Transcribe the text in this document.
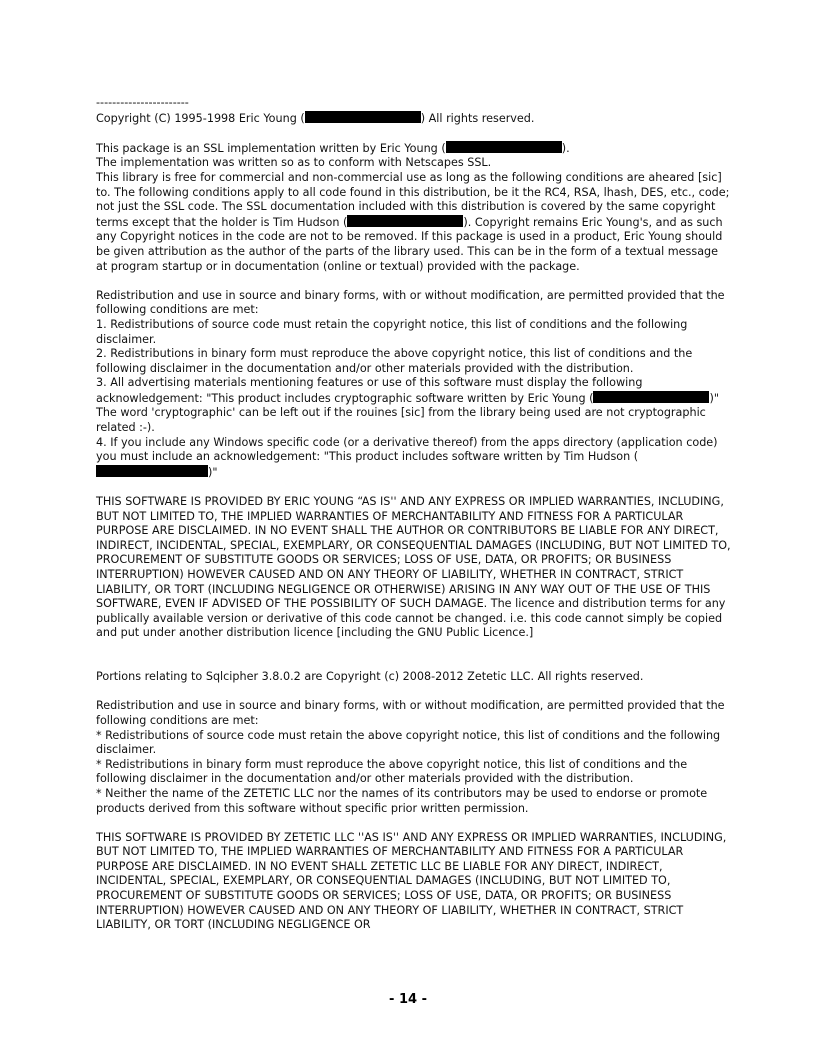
-----------------------

Copyright (C) 1995-1998 Eric Young (	) All rights reserved.

This package is an SSL implementation written by Eric Young (	).
The implementation was written so as to conform with Netscapes SSL.

This library is free for commercial and non-commercial use as long as the following conditions are aheared [sic] to. The following conditions apply to all code found in this distribution, be it the RC4, RSA, lhash, DES, etc., code; not just the SSL code. The SSL documentation included with this distribution is covered by the same copyright terms except that the holder is Tim Hudson (	). Copyright remains Eric Young's, and as such any Copyright notices in the code are not to be removed. If this package is used in a product, Eric Young should be given attribution as the author of the parts of the library used. This can be in the form of a textual message at program startup or in documentation (online or textual) provided with the package.

Redistribution and use in source and binary forms, with or without modification, are permitted provided that the following conditions are met:
1. Redistributions of source code must retain the copyright notice, this list of conditions and the following disclaimer.
2. Redistributions in binary form must reproduce the above copyright notice, this list of conditions and the following disclaimer in the documentation and/or other materials provided with the distribution.
3. All advertising materials mentioning features or use of this software must display the following acknowledgement: "This product includes cryptographic software written by Eric Young (	)" The word 'cryptographic' can be left out if the rouines [sic] from the library being used are not cryptographic related :-).

4. If you include any Windows specific code (or a derivative thereof) from the apps directory (application code) you must include an acknowledgement: "This product includes software written by Tim Hudson ()"

THIS SOFTWARE IS PROVIDED BY ERIC YOUNG “AS IS'' AND ANY EXPRESS OR IMPLIED WARRANTIES, INCLUDING, BUT NOT LIMITED TO, THE IMPLIED WARRANTIES OF MERCHANTABILITY AND FITNESS FOR A PARTICULAR PURPOSE ARE DISCLAIMED. IN NO EVENT SHALL THE AUTHOR OR CONTRIBUTORS BE LIABLE FOR ANY DIRECT, INDIRECT, INCIDENTAL, SPECIAL, EXEMPLARY, OR CONSEQUENTIAL DAMAGES (INCLUDING, BUT NOT LIMITED TO, PROCUREMENT OF SUBSTITUTE GOODS OR SERVICES; LOSS OF USE, DATA, OR PROFITS; OR BUSINESS INTERRUPTION) HOWEVER CAUSED AND ON ANY THEORY OF LIABILITY, WHETHER IN CONTRACT, STRICT LIABILITY, OR TORT (INCLUDING NEGLIGENCE OR OTHERWISE) ARISING IN ANY WAY OUT OF THE USE OF THIS SOFTWARE, EVEN IF ADVISED OF THE POSSIBILITY OF SUCH DAMAGE. The licence and distribution terms for any publically available version or derivative of this code cannot be changed. i.e. this code cannot simply be copied and put under another distribution licence [including the GNU Public Licence.]

Portions relating to Sqlcipher 3.8.0.2 are Copyright (c) 2008-2012 Zetetic LLC. All rights reserved.

Redistribution and use in source and binary forms, with or without modification, are permitted provided that the following conditions are met:
* Redistributions of source code must retain the above copyright notice, this list of conditions and the following disclaimer.
* Redistributions in binary form must reproduce the above copyright notice, this list of conditions and the following disclaimer in the documentation and/or other materials provided with the distribution.

* Neither the name of the ZETETIC LLC nor the names of its contributors may be used to endorse or promote products derived from this software without specific prior written permission.

THIS SOFTWARE IS PROVIDED BY ZETETIC LLC ''AS IS'' AND ANY EXPRESS OR IMPLIED WARRANTIES, INCLUDING, BUT NOT LIMITED TO, THE IMPLIED WARRANTIES OF MERCHANTABILITY AND FITNESS FOR A PARTICULAR PURPOSE ARE DISCLAIMED. IN NO EVENT SHALL ZETETIC LLC BE LIABLE FOR ANY DIRECT, INDIRECT, INCIDENTAL, SPECIAL, EXEMPLARY, OR CONSEQUENTIAL DAMAGES (INCLUDING, BUT NOT LIMITED TO, PROCUREMENT OF SUBSTITUTE GOODS OR SERVICES; LOSS OF USE, DATA, OR PROFITS; OR BUSINESS INTERRUPTION) HOWEVER CAUSED AND ON ANY THEORY OF LIABILITY, WHETHER IN CONTRACT, STRICT LIABILITY, OR TORT (INCLUDING NEGLIGENCE OR

- 14 -
